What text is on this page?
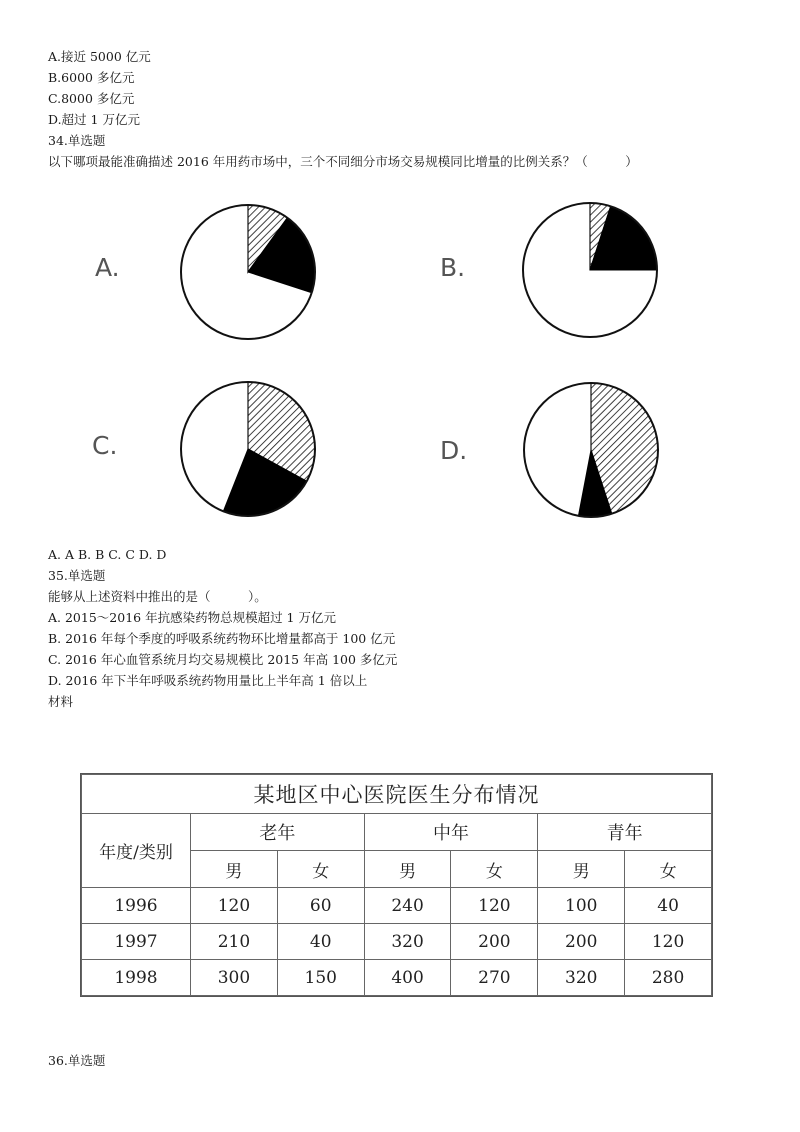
A.接近 5000 亿元
B.6000 多亿元
C.8000 多亿元
D.超过 1 万亿元
34.单选题
以下哪项最能准确描述 2016 年用药市场中，三个不同细分市场交易规模同比增量的比例关系？（　　　）
A.	B.
C.	D.
A. A B. B C. C D. D
35.单选题
能够从上述资料中推出的是（　　　）。
A. 2015～2016 年抗感染药物总规模超过 1 万亿元
B. 2016 年每个季度的呼吸系统药物环比增量都高于 100 亿元
C. 2016 年心血管系统月均交易规模比 2015 年高 100 多亿元
D. 2016 年下半年呼吸系统药物用量比上半年高 1 倍以上
材料
某地区中心医院医生分布情况						
年度/类别	老年		中年		青年	
	男	女	男	女	男	女
1996	120	60	240	120	100	40
1997	210	40	320	200	200	120
1998	300	150	400	270	320	280
36.单选题
